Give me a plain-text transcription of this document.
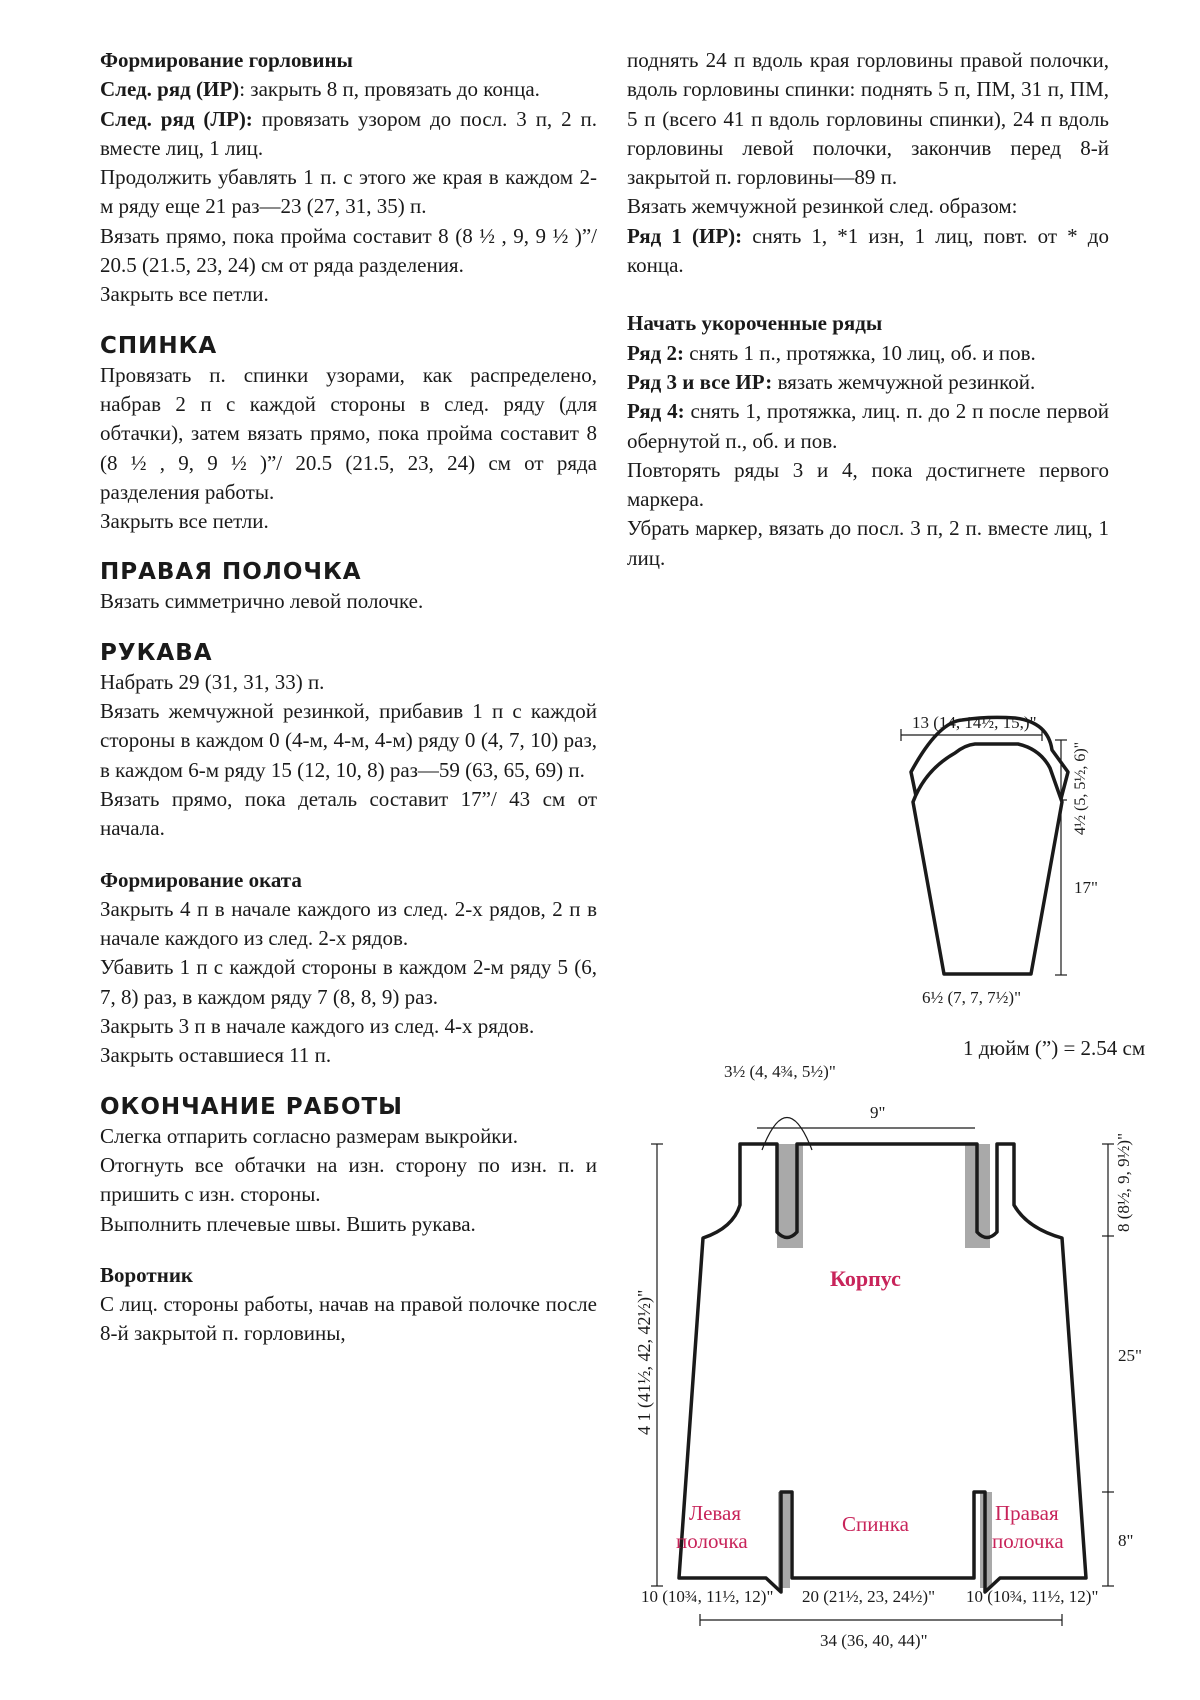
Формирование горловины

След. ряд (ИР): закрыть 8 п, провязать до конца.

След. ряд (ЛР): провязать узором до посл. 3 п, 2 п. вместе лиц, 1 лиц.

Продолжить убавлять 1 п. с этого же края в каждом 2-м ряду еще 21 раз—23 (27, 31, 35) п.

Вязать прямо, пока пройма составит 8 (8 ½ , 9, 9 ½ )”/ 20.5 (21.5, 23, 24) см от ряда разделения.

Закрыть все петли.

СПИНКА

Провязать п. спинки узорами, как распределено, набрав 2 п с каждой стороны в след. ряду (для обтачки), затем вязать прямо, пока пройма составит 8 (8 ½ , 9, 9 ½ )”/ 20.5 (21.5, 23, 24) см от ряда разделения работы.

Закрыть все петли.

ПРАВАЯ ПОЛОЧКА

Вязать симметрично левой полочке.

РУКАВА

Набрать 29 (31, 31, 33) п.

Вязать жемчужной резинкой, прибавив 1 п с каждой стороны в каждом 0 (4-м, 4-м, 4-м) ряду 0 (4, 7, 10) раз, в каждом 6-м ряду 15 (12, 10, 8) раз—59 (63, 65, 69) п.

Вязать прямо, пока деталь составит 17”/ 43 см от начала.

Формирование оката

Закрыть 4 п в начале каждого из след. 2-х рядов, 2 п в начале каждого из след. 2-х рядов.

Убавить 1 п с каждой стороны в каждом 2-м ряду 5 (6, 7, 8) раз, в каждом ряду 7 (8, 8, 9) раз.

Закрыть 3 п в начале каждого из след. 4-х рядов.

Закрыть оставшиеся 11 п.

ОКОНЧАНИЕ РАБОТЫ

Слегка отпарить согласно размерам выкройки.

Отогнуть все обтачки на изн. сторону по изн. п. и пришить с изн. стороны.

Выполнить плечевые швы. Вшить рукава.

Воротник

С лиц. стороны работы, начав на правой полочке после 8-й закрытой п. горловины,

поднять 24 п вдоль края горловины правой полочки, вдоль горловины спинки: поднять 5 п, ПМ, 31 п, ПМ, 5 п (всего 41 п вдоль горловины спинки), 24 п вдоль горловины левой полочки, закончив перед 8-й закрытой п. горловины—89 п.

Вязать жемчужной резинкой след. образом:

Ряд 1 (ИР): снять 1, *1 изн, 1 лиц, повт. от * до конца.

Начать укороченные ряды

Ряд 2: снять 1 п., протяжка, 10 лиц, об. и пов.

Ряд 3 и все ИР: вязать жемчужной резинкой.

Ряд 4: снять 1, протяжка, лиц. п. до 2 п после первой обернутой п., об. и пов.

Повторять ряды 3 и 4, пока достигнете первого маркера.

Убрать маркер, вязать до посл. 3 п, 2 п. вместе лиц, 1 лиц.

1 дюйм (”) = 2.54 см
13 (14, 14½, 15,)"
4½ (5, 5½, 6)"
17"
6½ (7, 7, 7½)"
3½ (4, 4¾, 5½)"
9"
4 1 (41½, 42, 42½)"
8 (8½, 9, 9½)"
25"
8"
Корпус
Левая
полочка
Спинка	Правая
полочка
10 (10¾, 11½, 12)" 20 (21½, 23, 24½)" 10 (10¾, 11½, 12)"
34 (36, 40, 44)"
